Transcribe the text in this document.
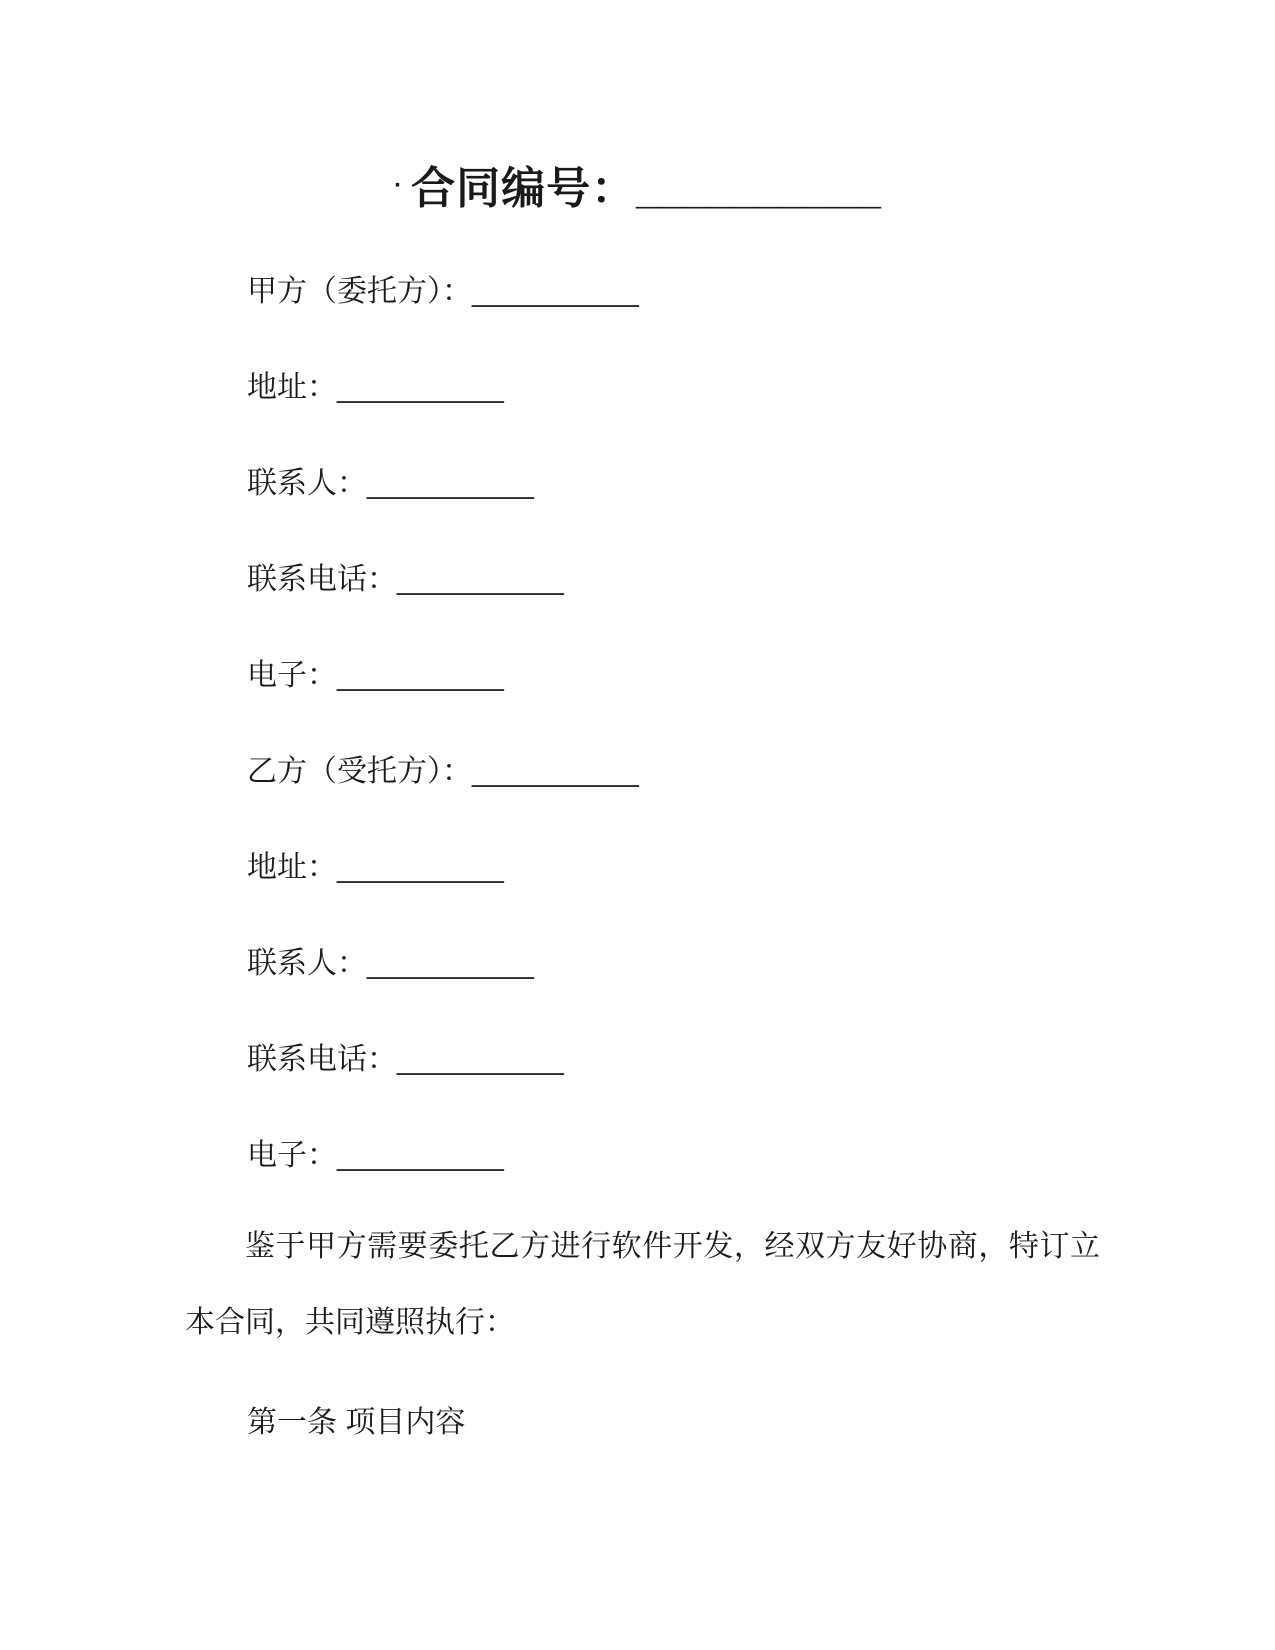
· 合同编号：__________
甲方（委托方）：__________
地址：__________
联系人：__________
联系电话：__________
电子：__________
乙方（受托方）：__________
地址：__________
联系人：__________
联系电话：__________
电子：__________

鉴于甲方需要委托乙方进行软件开发，经双方友好协商，特订立本合同，共同遵照执行：

第一条 项目内容
